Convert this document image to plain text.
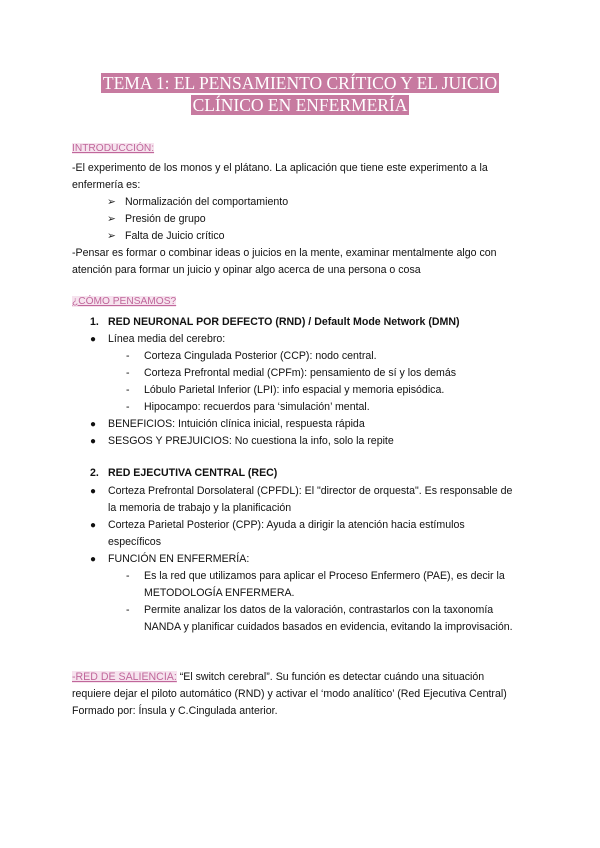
TEMA 1: EL PENSAMIENTO CRÍTICO Y EL JUICIO
CLÍNICO EN ENFERMERÍA
INTRODUCCIÓN:
-El experimento de los monos y el plátano. La aplicación que tiene este experimento a la
enfermería es:
➢ Normalización del comportamiento
➢ Presión de grupo
➢ Falta de Juicio crítico
-Pensar es formar o combinar ideas o juicios en la mente, examinar mentalmente algo con
atención para formar un juicio y opinar algo acerca de una persona o cosa
¿CÓMO PENSAMOS?
1. RED NEURONAL POR DEFECTO (RND) / Default Mode Network (DMN)
● Línea media del cerebro:
- Corteza Cingulada Posterior (CCP): nodo central.
- Corteza Prefrontal medial (CPFm): pensamiento de sí y los demás
- Lóbulo Parietal Inferior (LPI): info espacial y memoria episódica.
- Hipocampo: recuerdos para ‘simulación’ mental.
● BENEFICIOS: Intuición clínica inicial, respuesta rápida
● SESGOS Y PREJUICIOS: No cuestiona la info, solo la repite
2. RED EJECUTIVA CENTRAL (REC)
● Corteza Prefrontal Dorsolateral (CPFDL): El "director de orquesta". Es responsable de
la memoria de trabajo y la planificación
● Corteza Parietal Posterior (CPP): Ayuda a dirigir la atención hacia estímulos
específicos
● FUNCIÓN EN ENFERMERÍA:
- Es la red que utilizamos para aplicar el Proceso Enfermero (PAE), es decir la
METODOLOGÍA ENFERMERA.
- Permite analizar los datos de la valoración, contrastarlos con la taxonomía
NANDA y planificar cuidados basados en evidencia, evitando la improvisación.
-RED DE SALIENCIA: “El switch cerebral”. Su función es detectar cuándo una situación
requiere dejar el piloto automático (RND) y activar el ‘modo analítico’ (Red Ejecutiva Central)
Formado por: Ínsula y C.Cingulada anterior.
